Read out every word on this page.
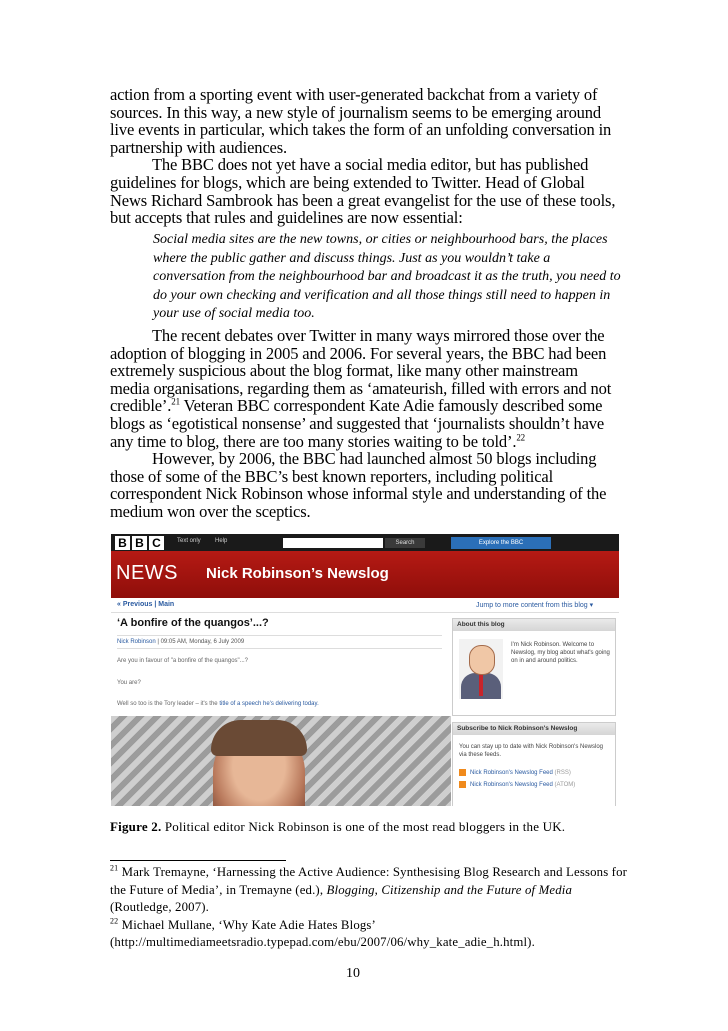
action from a sporting event with user-generated backchat from a variety of sources. In this way, a new style of journalism seems to be emerging around live events in particular, which takes the form of an unfolding conversation in partnership with audiences.

The BBC does not yet have a social media editor, but has published guidelines for blogs, which are being extended to Twitter. Head of Global News Richard Sambrook has been a great evangelist for the use of these tools, but accepts that rules and guidelines are now essential:

Social media sites are the new towns, or cities or neighbourhood bars, the places where the public gather and discuss things. Just as you wouldn’t take a conversation from the neighbourhood bar and broadcast it as the truth, you need to do your own checking and verification and all those things still need to happen in your use of social media too.

The recent debates over Twitter in many ways mirrored those over the adoption of blogging in 2005 and 2006. For several years, the BBC had been extremely suspicious about the blog format, like many other mainstream media organisations, regarding them as ‘amateurish, filled with errors and not credible’.$^{21}$ Veteran BBC correspondent Kate Adie famously described some blogs as ‘egotistical nonsense’ and suggested that ‘journalists shouldn’t have any time to blog, there are too many stories waiting to be told’.$^{22}$

However, by 2006, the BBC had launched almost 50 blogs including those of some of the BBC’s best known reporters, including political correspondent Nick Robinson whose informal style and understanding of the medium won over the sceptics.

B B C	Text only Help	Search	Explore the BBC
NEWS Nick Robinson’s Newslog
« Previous | Main	Jump to more content from this blog ▾
‘A bonfire of the quangos’...?
Nick Robinson | 09:05 AM, Monday, 6 July 2009
Are you in favour of "a bonfire of the quangos"...?
You are?
Well so too is the Tory leader – it's the title of a speech he's delivering today.
About this blog
I'm Nick Robinson. Welcome to Newslog, my blog about what's going on in and around politics.
Subscribe to Nick Robinson's Newslog
You can stay up to date with Nick Robinson's Newslog via these feeds.
Nick Robinson's Newslog Feed (RSS)
Nick Robinson's Newslog Feed (ATOM)
Figure 2. Political editor Nick Robinson is one of the most read bloggers in the UK.

$^{21}$ Mark Tremayne, ‘Harnessing the Active Audience: Synthesising Blog Research and Lessons for the Future of Media’, in Tremayne (ed.), Blogging, Citizenship and the Future of Media (Routledge, 2007).

$^{22}$ Michael Mullane, ‘Why Kate Adie Hates Blogs’ (http://multimediameetsradio.typepad.com/ebu/2007/06/why_kate_adie_h.html).

10
